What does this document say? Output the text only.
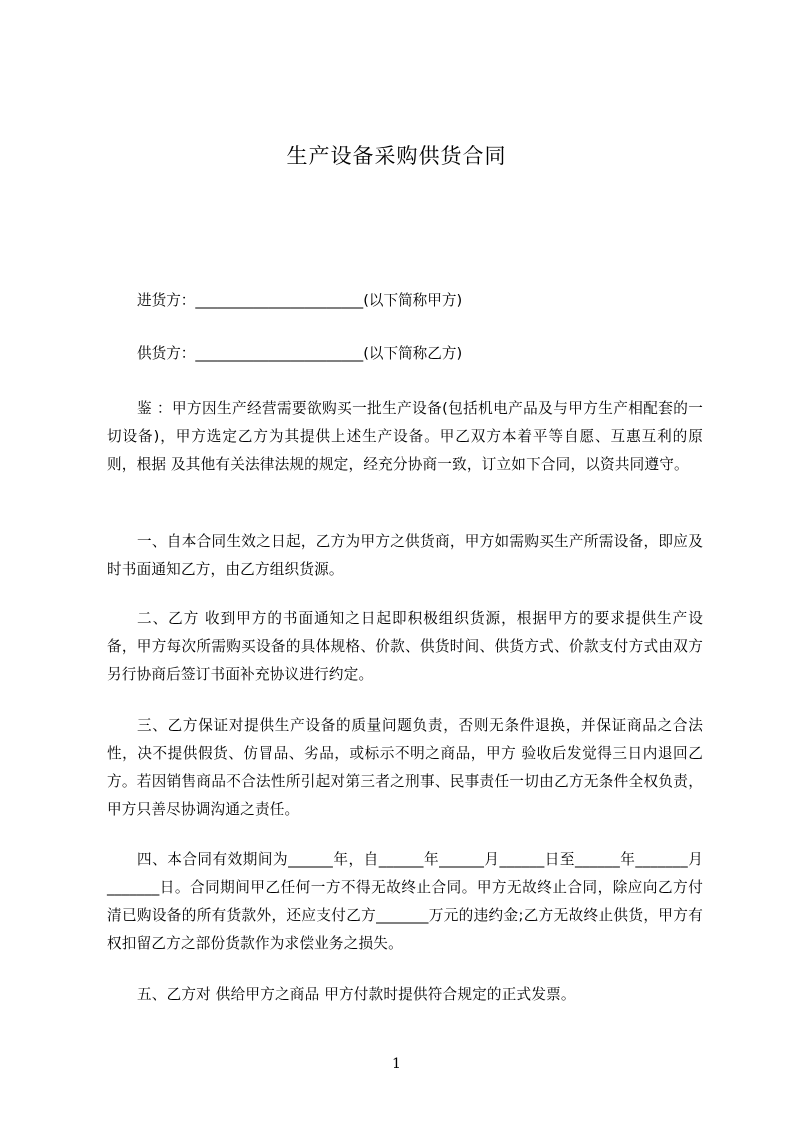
生产设备采购供货合同

进货方：_______________________(以下简称甲方)

供货方：_______________________(以下简称乙方)

鉴 ：甲方因生产经营需要欲购买一批生产设备(包括机电产品及与甲方生产相配套的一切设备)，甲方选定乙方为其提供上述生产设备。甲乙双方本着平等自愿、互惠互利的原则，根据 及其他有关法律法规的规定，经充分协商一致，订立如下合同，以资共同遵守。

一、自本合同生效之日起，乙方为甲方之供货商，甲方如需购买生产所需设备，即应及时书面通知乙方，由乙方组织货源。

二、乙方 收到甲方的书面通知之日起即积极组织货源，根据甲方的要求提供生产设备，甲方每次所需购买设备的具体规格、价款、供货时间、供货方式、价款支付方式由双方另行协商后签订书面补充协议进行约定。

三、乙方保证对提供生产设备的质量问题负责，否则无条件退换，并保证商品之合法性，决不提供假货、仿冒品、劣品，或标示不明之商品，甲方 验收后发觉得三日内退回乙方。若因销售商品不合法性所引起对第三者之刑事、民事责任一切由乙方无条件全权负责，甲方只善尽协调沟通之责任。

四、本合同有效期间为______年，自______年______月______日至______年_______月_______日。合同期间甲乙任何一方不得无故终止合同。甲方无故终止合同，除应向乙方付清已购设备的所有货款外，还应支付乙方_______万元的违约金;乙方无故终止供货，甲方有权扣留乙方之部份货款作为求偿业务之损失。

五、乙方对 供给甲方之商品 甲方付款时提供符合规定的正式发票。

1
